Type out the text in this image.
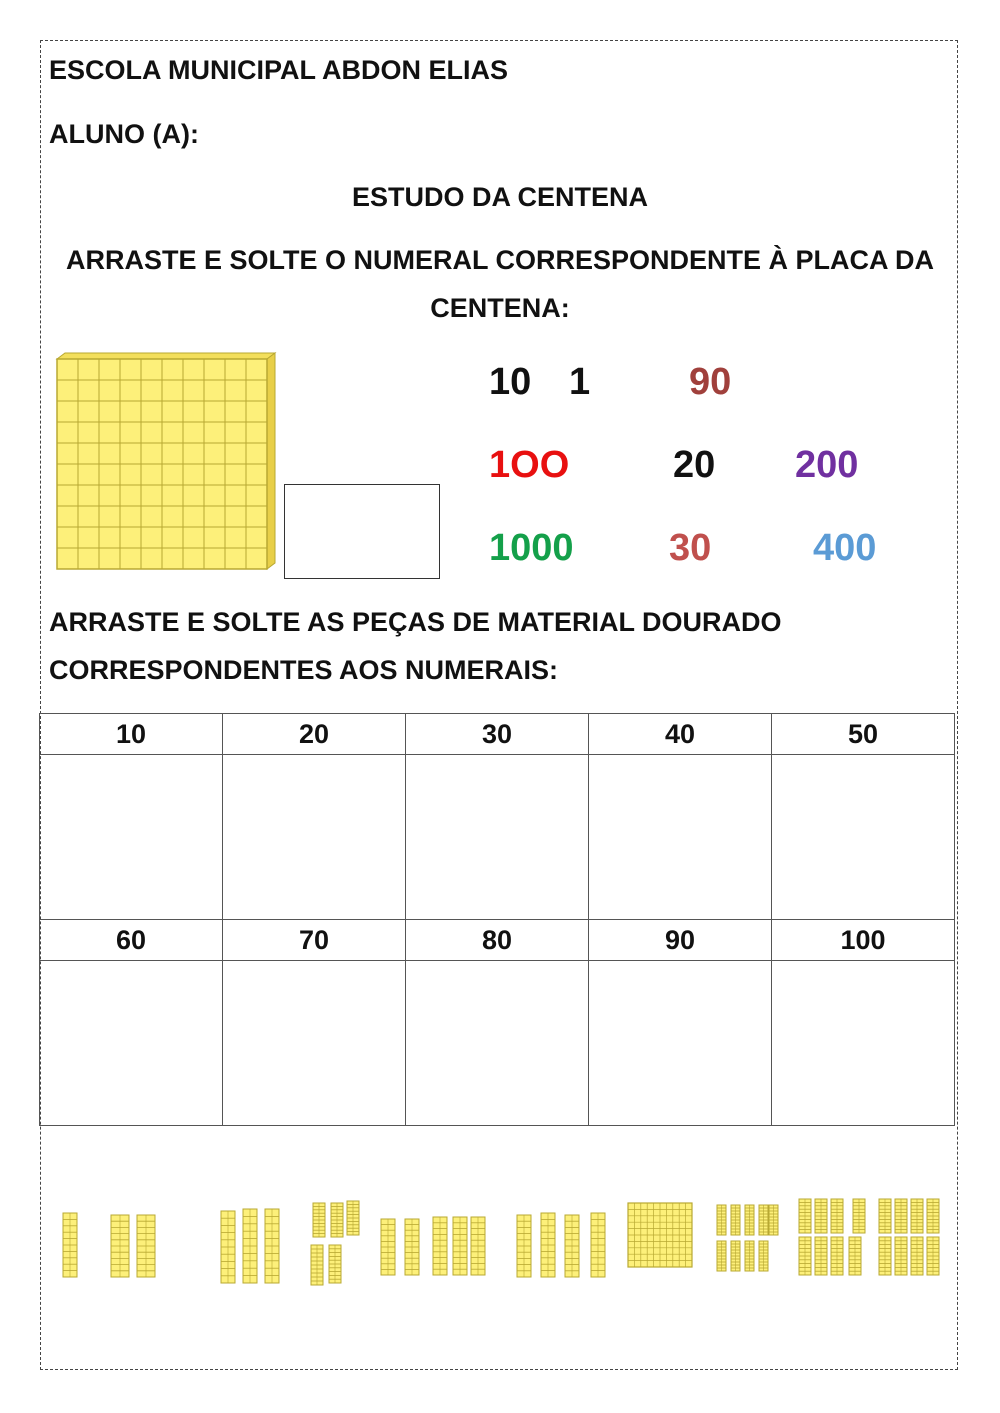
ESCOLA MUNICIPAL ABDON ELIAS
ALUNO (A):
ESTUDO DA CENTENA
ARRASTE E SOLTE O NUMERAL CORRESPONDENTE À PLACA DA
CENTENA:
10 1	90
1OO	20 200
1000	30	400
ARRASTE E SOLTE AS PEÇAS DE MATERIAL DOURADO
CORRESPONDENTES AOS NUMERAIS:
10	20	30	40	50

60	70	80	90	100
